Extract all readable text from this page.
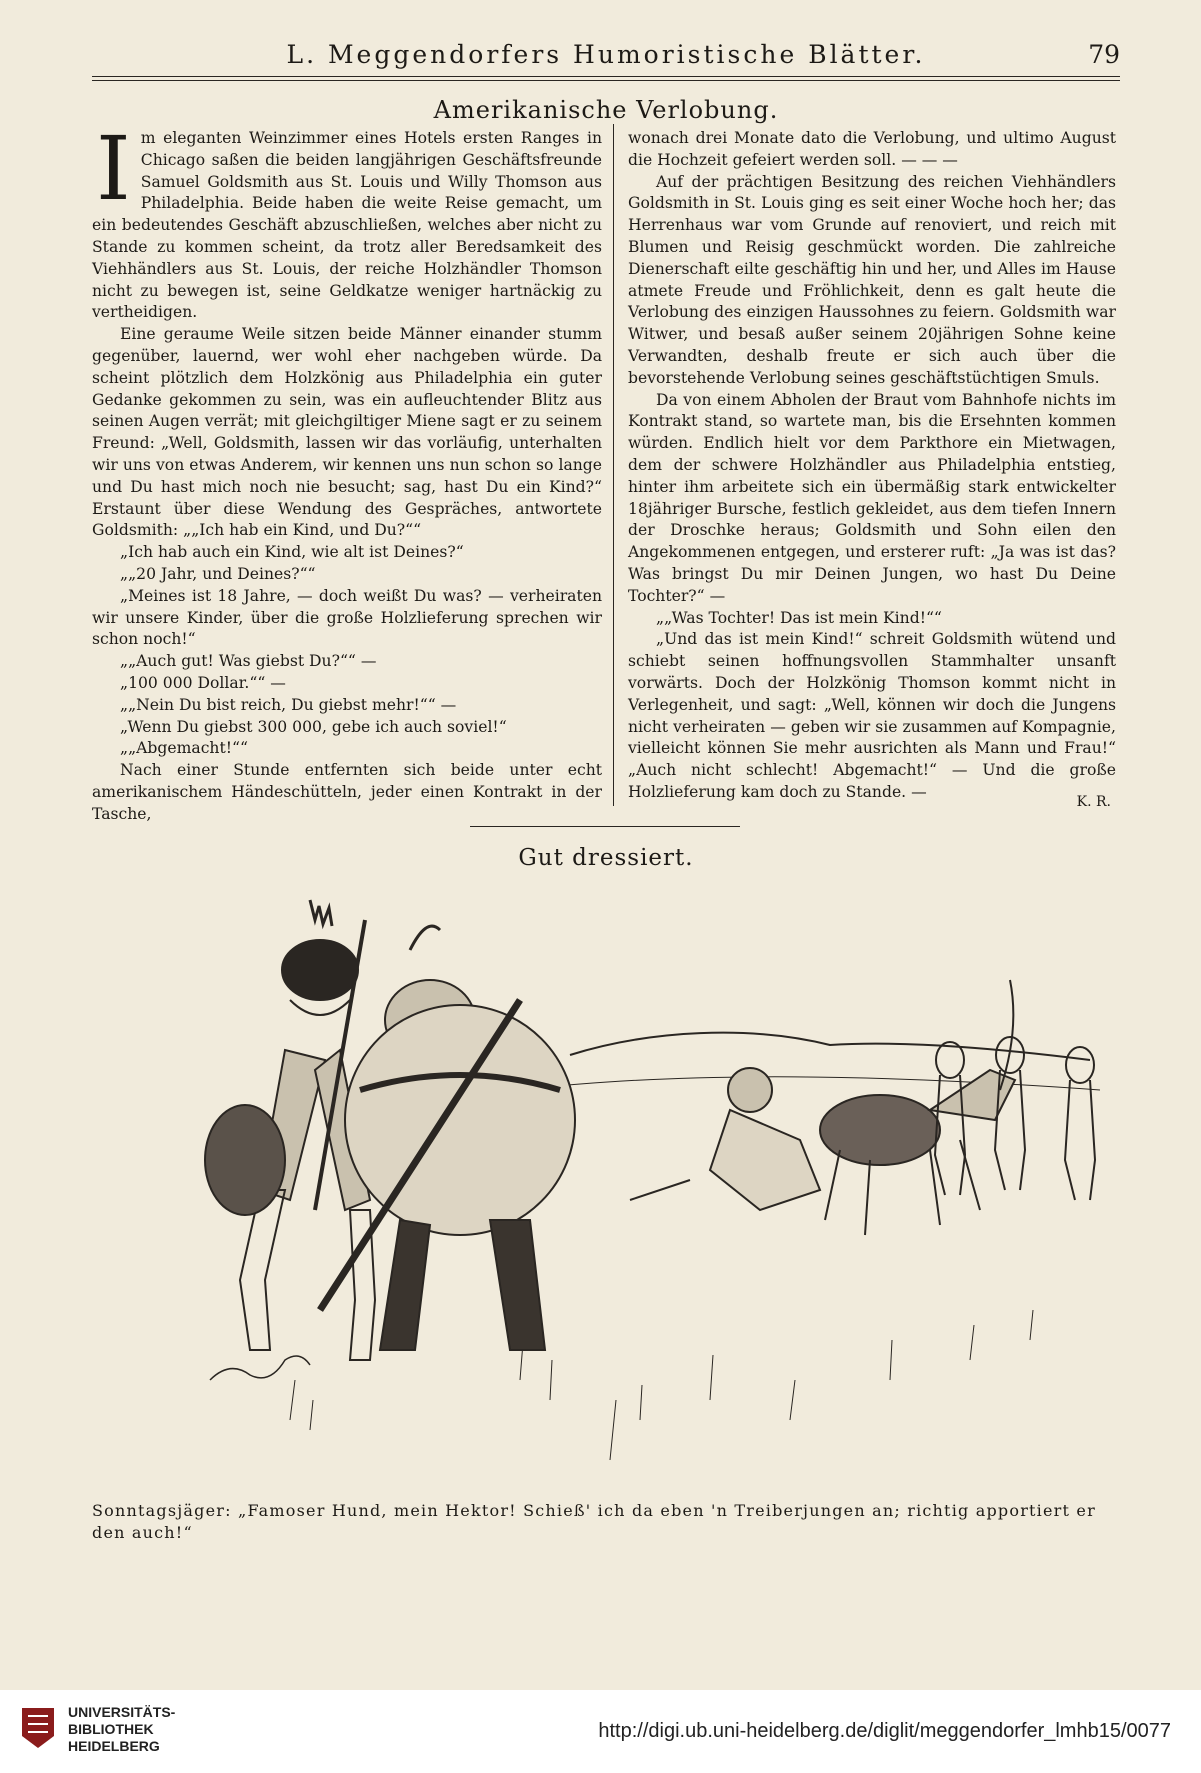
L. Meggendorfers Humoristische Blätter.	79
Amerikanische Verlobung.

Im eleganten Weinzimmer eines Hotels ersten Ranges in Chicago saßen die beiden langjährigen Geschäftsfreunde Samuel Goldsmith aus St. Louis und Willy Thomson aus Philadelphia. Beide haben die weite Reise gemacht, um ein bedeutendes Geschäft abzuschließen, welches aber nicht zu Stande zu kommen scheint, da trotz aller Beredsamkeit des Viehhändlers aus St. Louis, der reiche Holzhändler Thomson nicht zu bewegen ist, seine Geldkatze weniger hartnäckig zu vertheidigen.

Eine geraume Weile sitzen beide Männer einander stumm gegenüber, lauernd, wer wohl eher nachgeben würde. Da scheint plötzlich dem Holzkönig aus Philadelphia ein guter Gedanke gekommen zu sein, was ein aufleuchtender Blitz aus seinen Augen verrät; mit gleichgiltiger Miene sagt er zu seinem Freund: „Well, Goldsmith, lassen wir das vorläufig, unterhalten wir uns von etwas Anderem, wir kennen uns nun schon so lange und Du hast mich noch nie besucht; sag, hast Du ein Kind?“ Erstaunt über diese Wendung des Gespräches, antwortete Goldsmith: „„Ich hab ein Kind, und Du?““

„Ich hab auch ein Kind, wie alt ist Deines?“

„„20 Jahr, und Deines?““

„Meines ist 18 Jahre, — doch weißt Du was? — verheiraten wir unsere Kinder, über die große Holzlieferung sprechen wir schon noch!“

„„Auch gut! Was giebst Du?““ —

„100 000 Dollar.““ —

„„Nein Du bist reich, Du giebst mehr!““ —

„Wenn Du giebst 300 000, gebe ich auch soviel!“

„„Abgemacht!““

Nach einer Stunde entfernten sich beide unter echt amerikanischem Händeschütteln, jeder einen Kontrakt in der Tasche,

wonach drei Monate dato die Verlobung, und ultimo August die Hochzeit gefeiert werden soll. — — —

Auf der prächtigen Besitzung des reichen Viehhändlers Goldsmith in St. Louis ging es seit einer Woche hoch her; das Herrenhaus war vom Grunde auf renoviert, und reich mit Blumen und Reisig geschmückt worden. Die zahlreiche Dienerschaft eilte geschäftig hin und her, und Alles im Hause atmete Freude und Fröhlichkeit, denn es galt heute die Verlobung des einzigen Haussohnes zu feiern. Goldsmith war Witwer, und besaß außer seinem 20jährigen Sohne keine Verwandten, deshalb freute er sich auch über die bevorstehende Verlobung seines geschäftstüchtigen Smuls.

Da von einem Abholen der Braut vom Bahnhofe nichts im Kontrakt stand, so wartete man, bis die Ersehnten kommen würden. Endlich hielt vor dem Parkthore ein Mietwagen, dem der schwere Holzhändler aus Philadelphia entstieg, hinter ihm arbeitete sich ein übermäßig stark entwickelter 18jähriger Bursche, festlich gekleidet, aus dem tiefen Innern der Droschke heraus; Goldsmith und Sohn eilen den Angekommenen entgegen, und ersterer ruft: „Ja was ist das? Was bringst Du mir Deinen Jungen, wo hast Du Deine Tochter?“ —

„„Was Tochter! Das ist mein Kind!““

„Und das ist mein Kind!“ schreit Goldsmith wütend und schiebt seinen hoffnungsvollen Stammhalter unsanft vorwärts. Doch der Holzkönig Thomson kommt nicht in Verlegenheit, und sagt: „Well, können wir doch die Jungens nicht verheiraten — geben wir sie zusammen auf Kompagnie, vielleicht können Sie mehr ausrichten als Mann und Frau!“ „Auch nicht schlecht! Abgemacht!“ — Und die große Holzlieferung kam doch zu Stande. —

K. R.
Gut dressiert.
Sonntagsjäger: „Famoser Hund, mein Hektor! Schieß' ich da eben 'n Treiberjungen an; richtig apportiert er den auch!“
UNIVERSITÄTS-
BIBLIOTHEK
HEIDELBERG
http://digi.ub.uni-heidelberg.de/diglit/meggendorfer_lmhb15/0077
